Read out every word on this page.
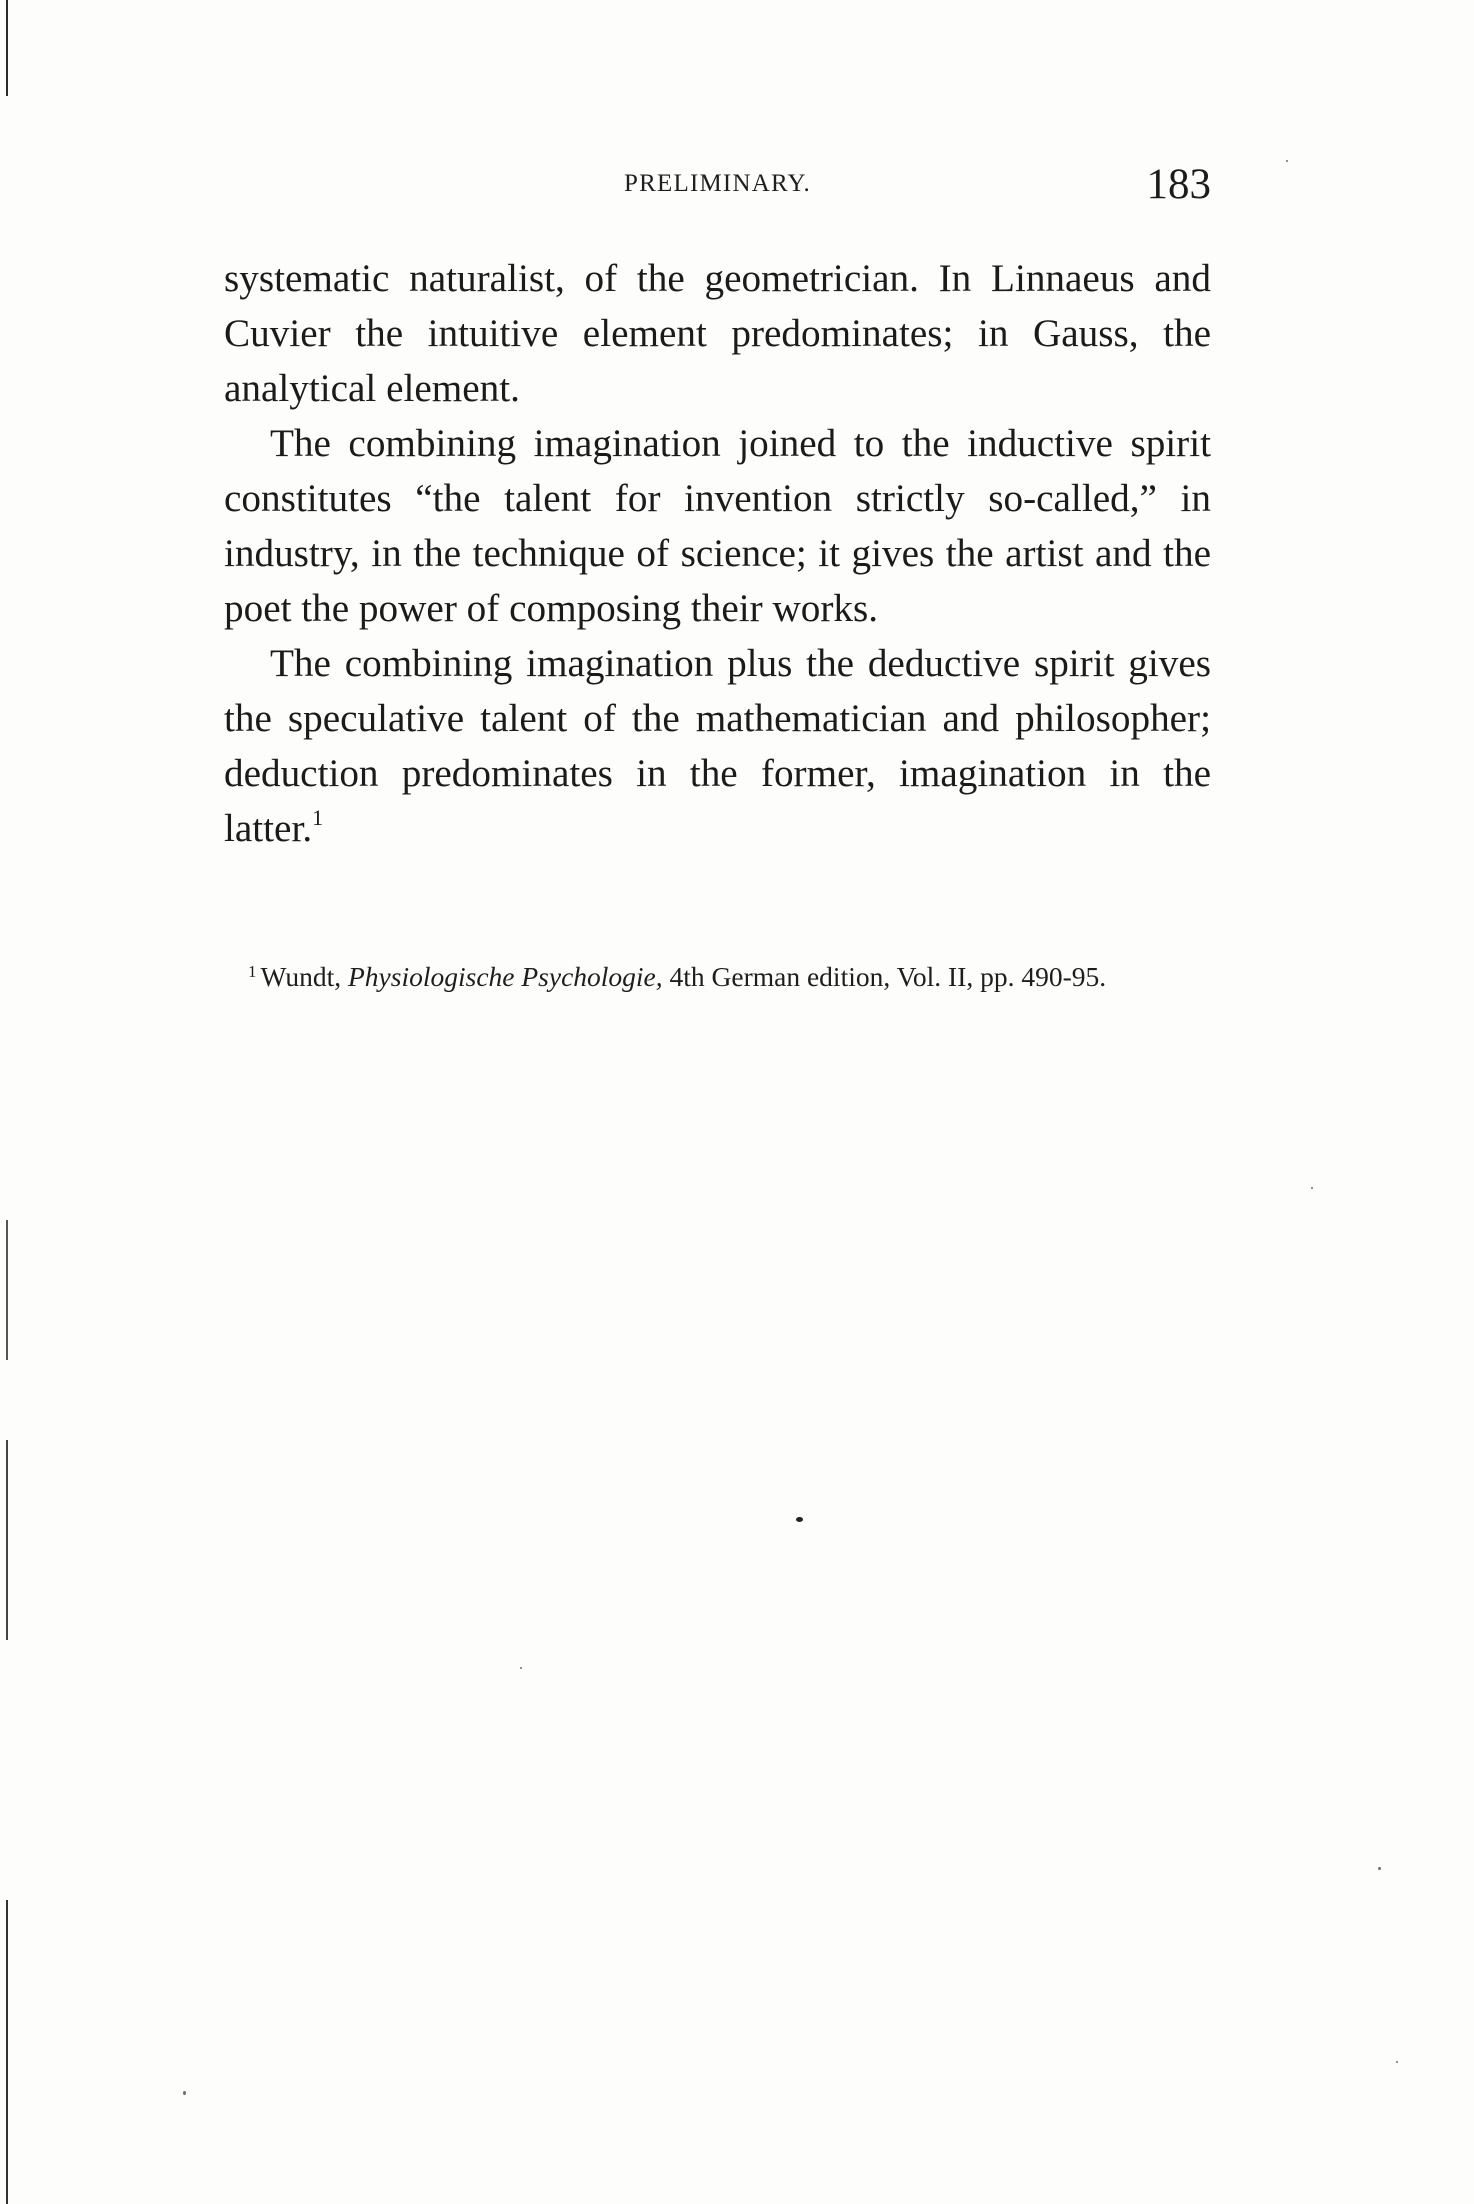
PRELIMINARY.	183

systematic naturalist, of the geometrician. In Linnaeus and Cuvier the intuitive element predominates; in Gauss, the analytical element.

The combining imagination joined to the inductive spirit constitutes “the talent for invention strictly so-called,” in industry, in the technique of science; it gives the artist and the poet the power of composing their works.

The combining imagination plus the deductive spirit gives the speculative talent of the mathematician and philosopher; deduction predominates in the former, imagination in the latter.$^1$

$^1$ Wundt, Physiologische Psychologie, 4th German edition, Vol. II, pp. 490-95.
